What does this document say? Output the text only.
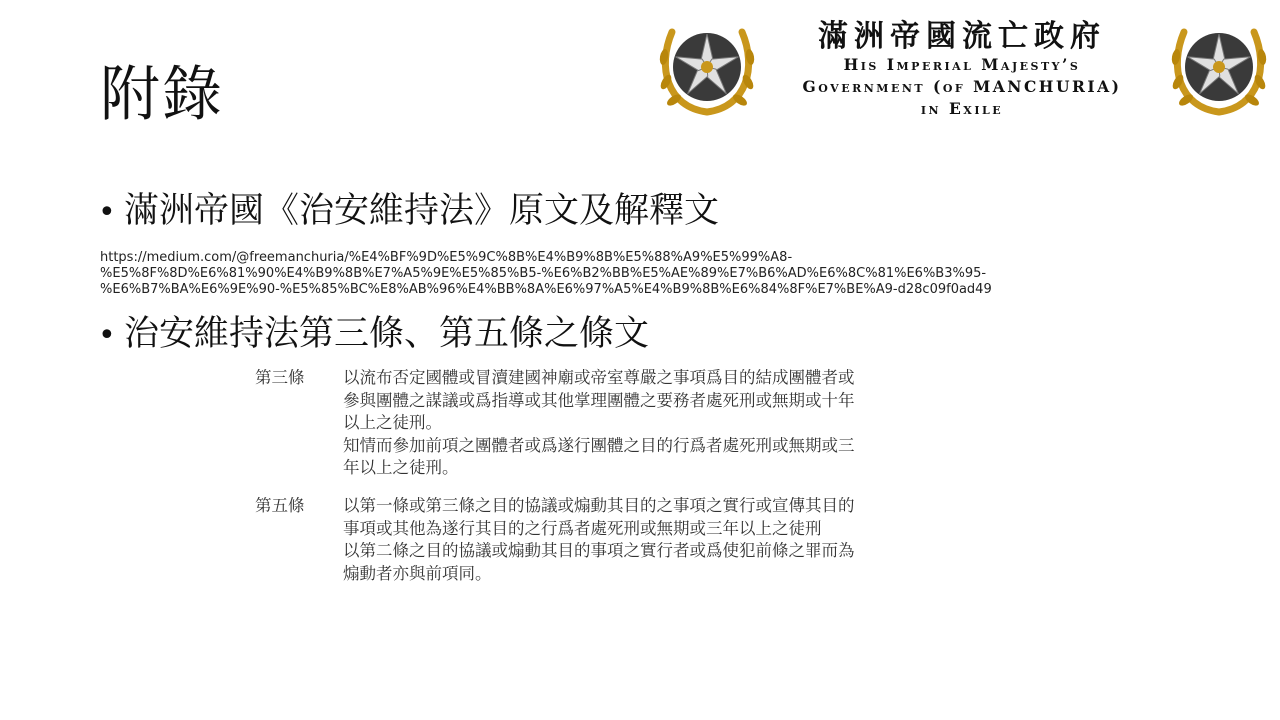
附錄
滿洲帝國流亡政府
His Imperial Majesty’s
Government (of MANCHURIA)
in Exile
• 滿洲帝國《治安維持法》原文及解釋文
https://medium.com/@freemanchuria/%E4%BF%9D%E5%9C%8B%E4%B9%8B%E5%88%A9%E5%99%A8-
%E5%8F%8D%E6%81%90%E4%B9%8B%E7%A5%9E%E5%85%B5-%E6%B2%BB%E5%AE%89%E7%B6%AD%E6%8C%81%E6%B3%95-
%E6%B7%BA%E6%9E%90-%E5%85%BC%E8%AB%96%E4%BB%8A%E6%97%A5%E4%B9%8B%E6%84%8F%E7%BE%A9-d28c09f0ad49
• 治安維持法第三條、第五條之條文
第三條	以流布否定國體或冒瀆建國神廟或帝室尊嚴之事項爲目的結成團體者或
參與團體之謀議或爲指導或其他掌理團體之要務者處死刑或無期或十年
以上之徒刑。
知情而參加前項之團體者或爲遂行團體之目的行爲者處死刑或無期或三
年以上之徒刑。
第五條	以第一條或第三條之目的協議或煽動其目的之事項之實行或宣傳其目的
事項或其他為遂行其目的之行爲者處死刑或無期或三年以上之徒刑
以第二條之目的協議或煽動其目的事項之實行者或爲使犯前條之罪而為
煽動者亦與前項同。
